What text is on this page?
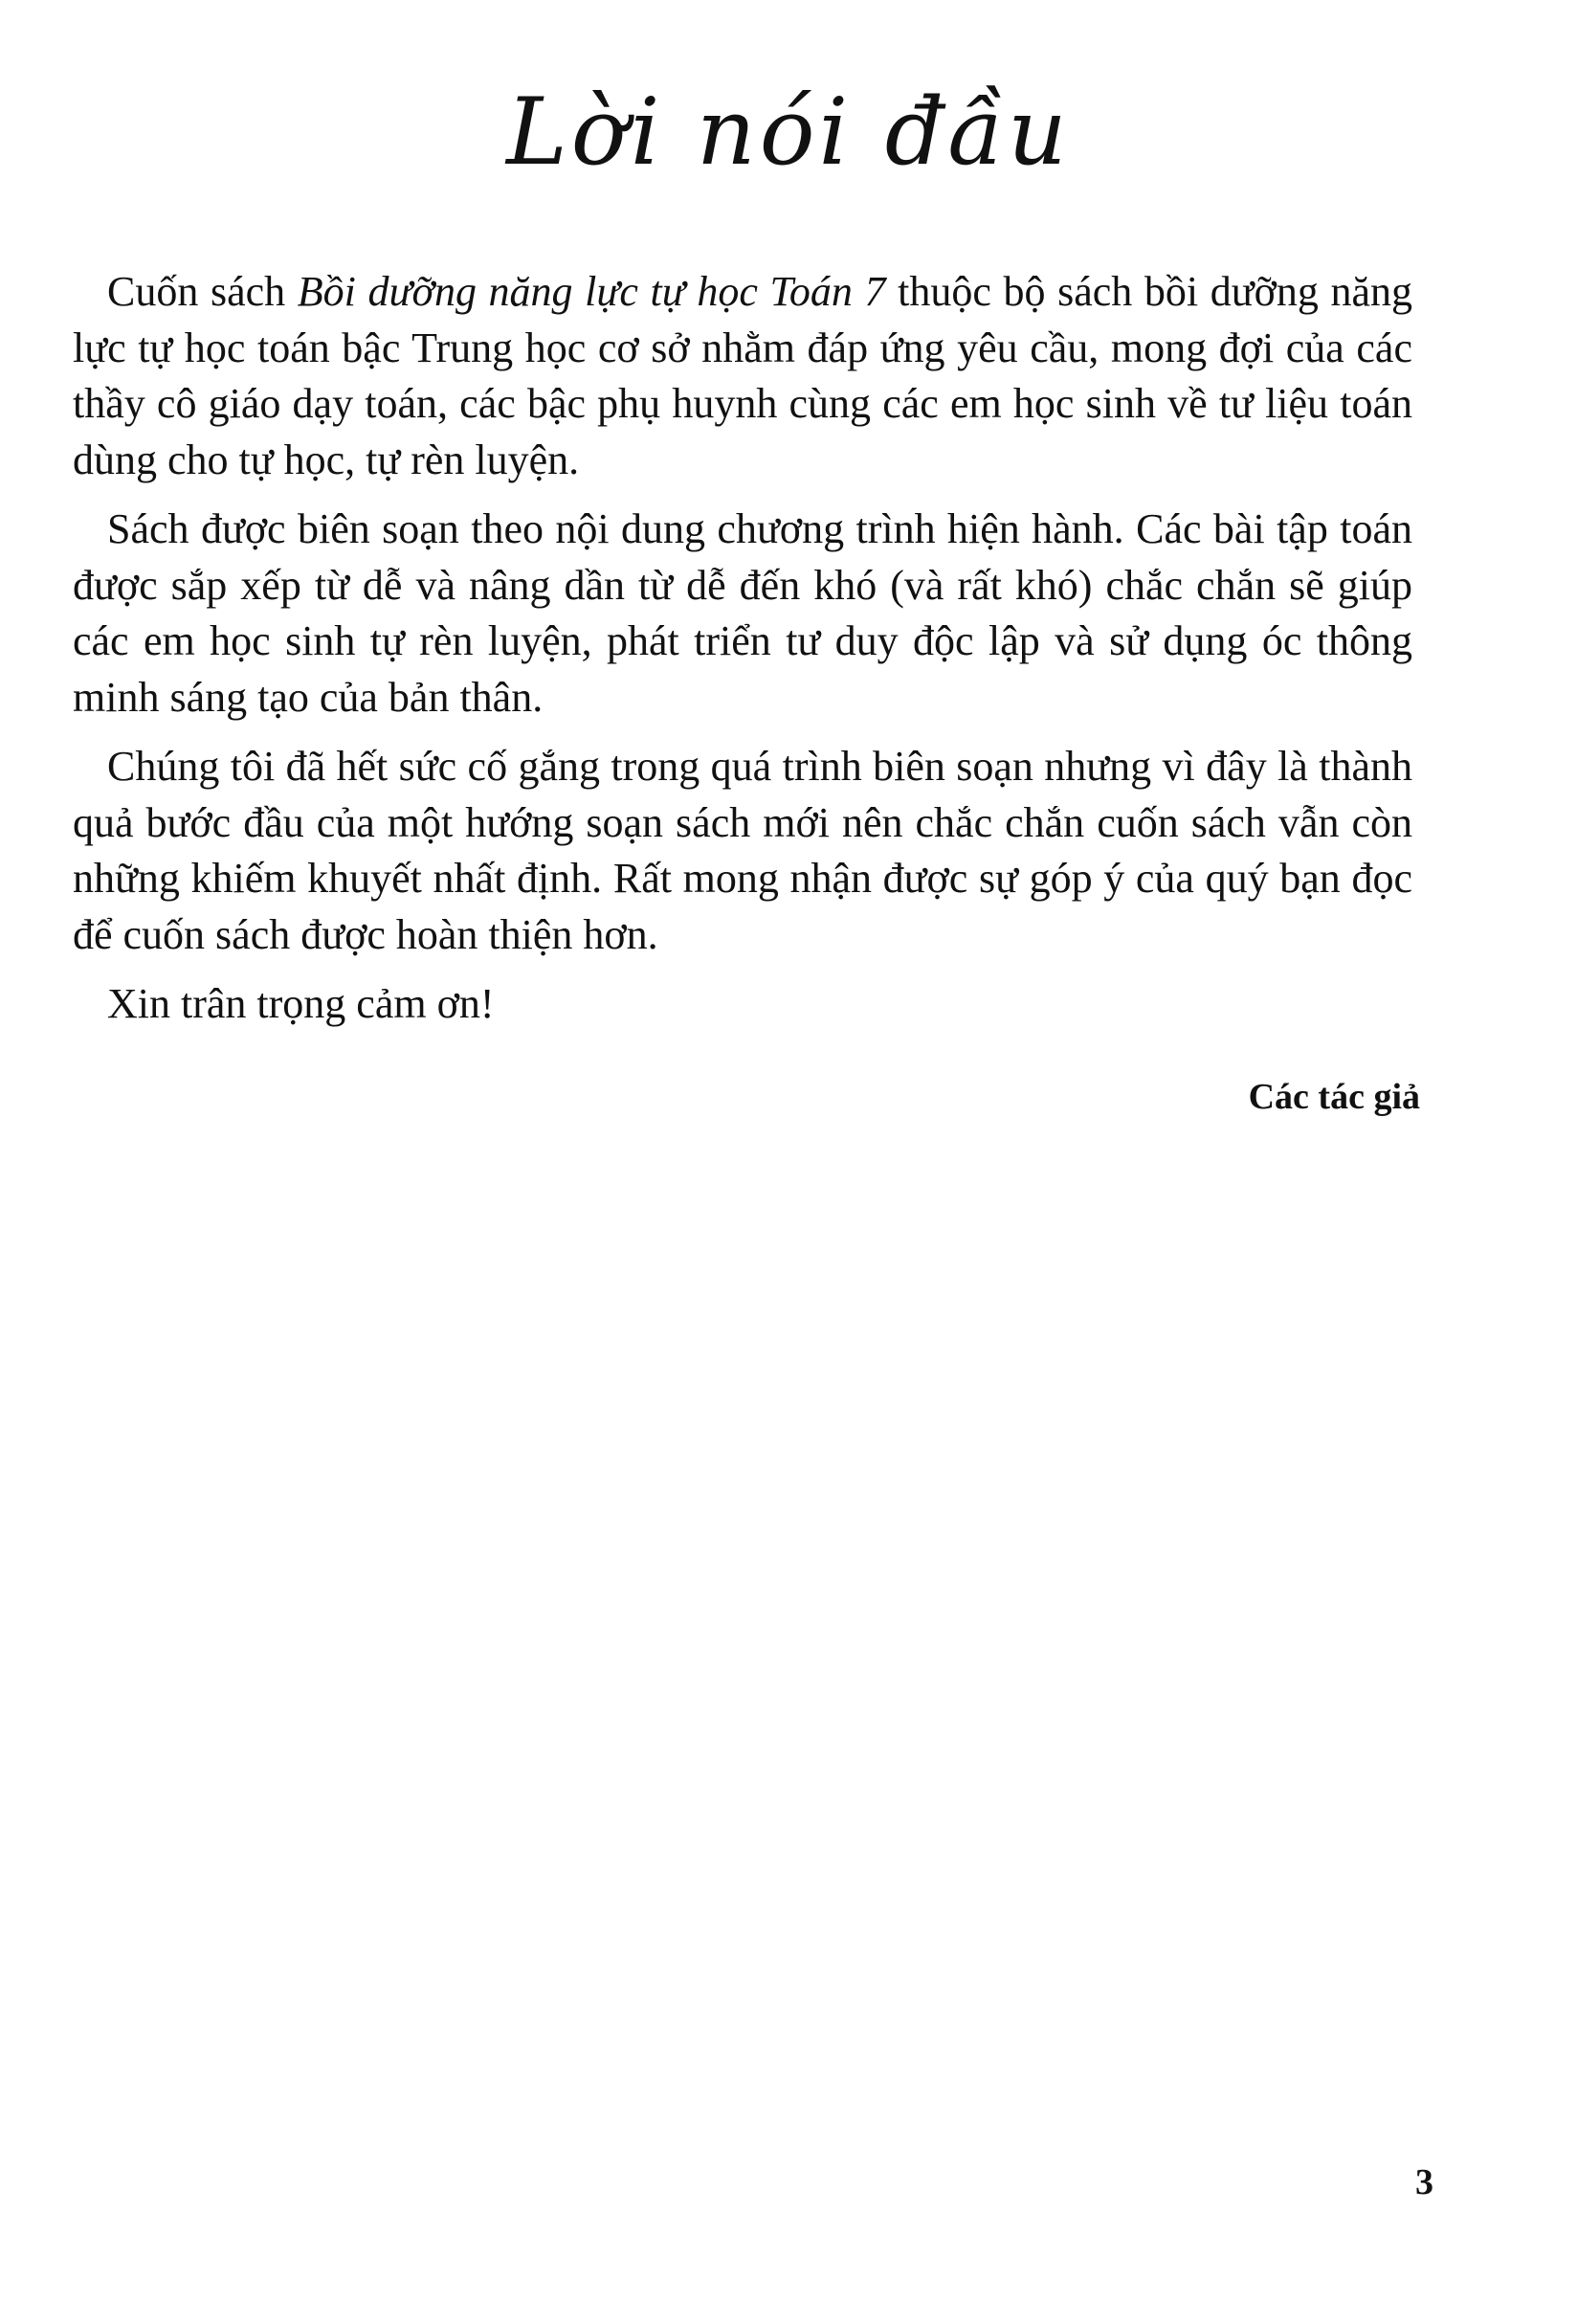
Lời nói đầu

Cuốn sách Bồi dưỡng năng lực tự học Toán 7 thuộc bộ sách bồi dưỡng năng lực tự học toán bậc Trung học cơ sở nhằm đáp ứng yêu cầu, mong đợi của các thầy cô giáo dạy toán, các bậc phụ huynh cùng các em học sinh về tư liệu toán dùng cho tự học, tự rèn luyện.

Sách được biên soạn theo nội dung chương trình hiện hành. Các bài tập toán được sắp xếp từ dễ và nâng dần từ dễ đến khó (và rất khó) chắc chắn sẽ giúp các em học sinh tự rèn luyện, phát triển tư duy độc lập và sử dụng óc thông minh sáng tạo của bản thân.

Chúng tôi đã hết sức cố gắng trong quá trình biên soạn nhưng vì đây là thành quả bước đầu của một hướng soạn sách mới nên chắc chắn cuốn sách vẫn còn những khiếm khuyết nhất định. Rất mong nhận được sự góp ý của quý bạn đọc để cuốn sách được hoàn thiện hơn.

Xin trân trọng cảm ơn!

Các tác giả
3
